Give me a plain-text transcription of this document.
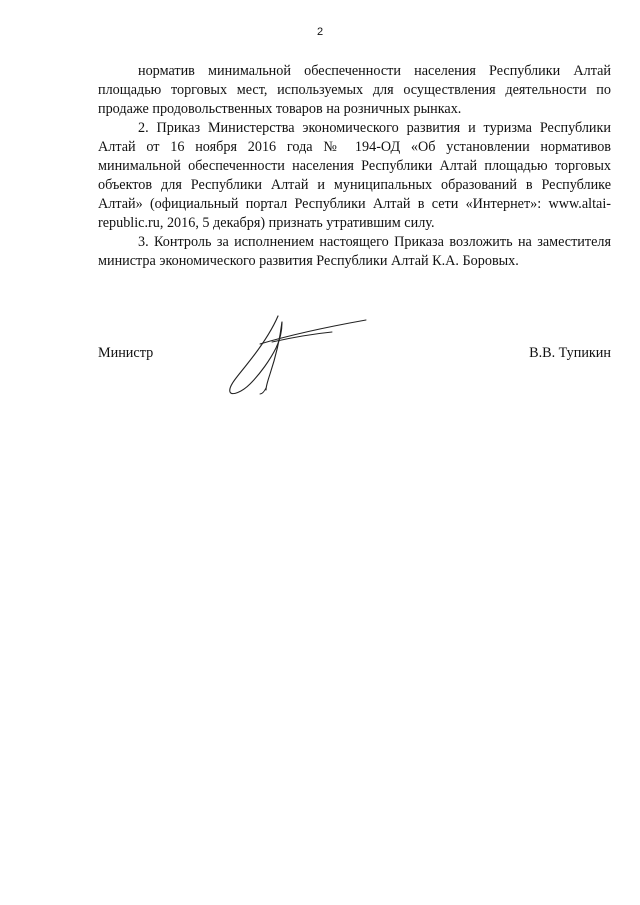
2

норматив минимальной обеспеченности населения Республики Алтай площадью торговых мест, используемых для осуществления деятельности по продаже продовольственных товаров на розничных рынках.

2. Приказ Министерства экономического развития и туризма Республики Алтай от 16 ноября 2016 года № 194-ОД «Об установлении нормативов минимальной обеспеченности населения Республики Алтай площадью торговых объектов для Республики Алтай и муниципальных образований в Республике Алтай» (официальный портал Республики Алтай в сети «Интернет»: www.altai-republic.ru, 2016, 5 декабря) признать утратившим силу.

3. Контроль за исполнением настоящего Приказа возложить на заместителя министра экономического развития Республики Алтай К.А. Боровых.

Министр	В.В. Тупикин
